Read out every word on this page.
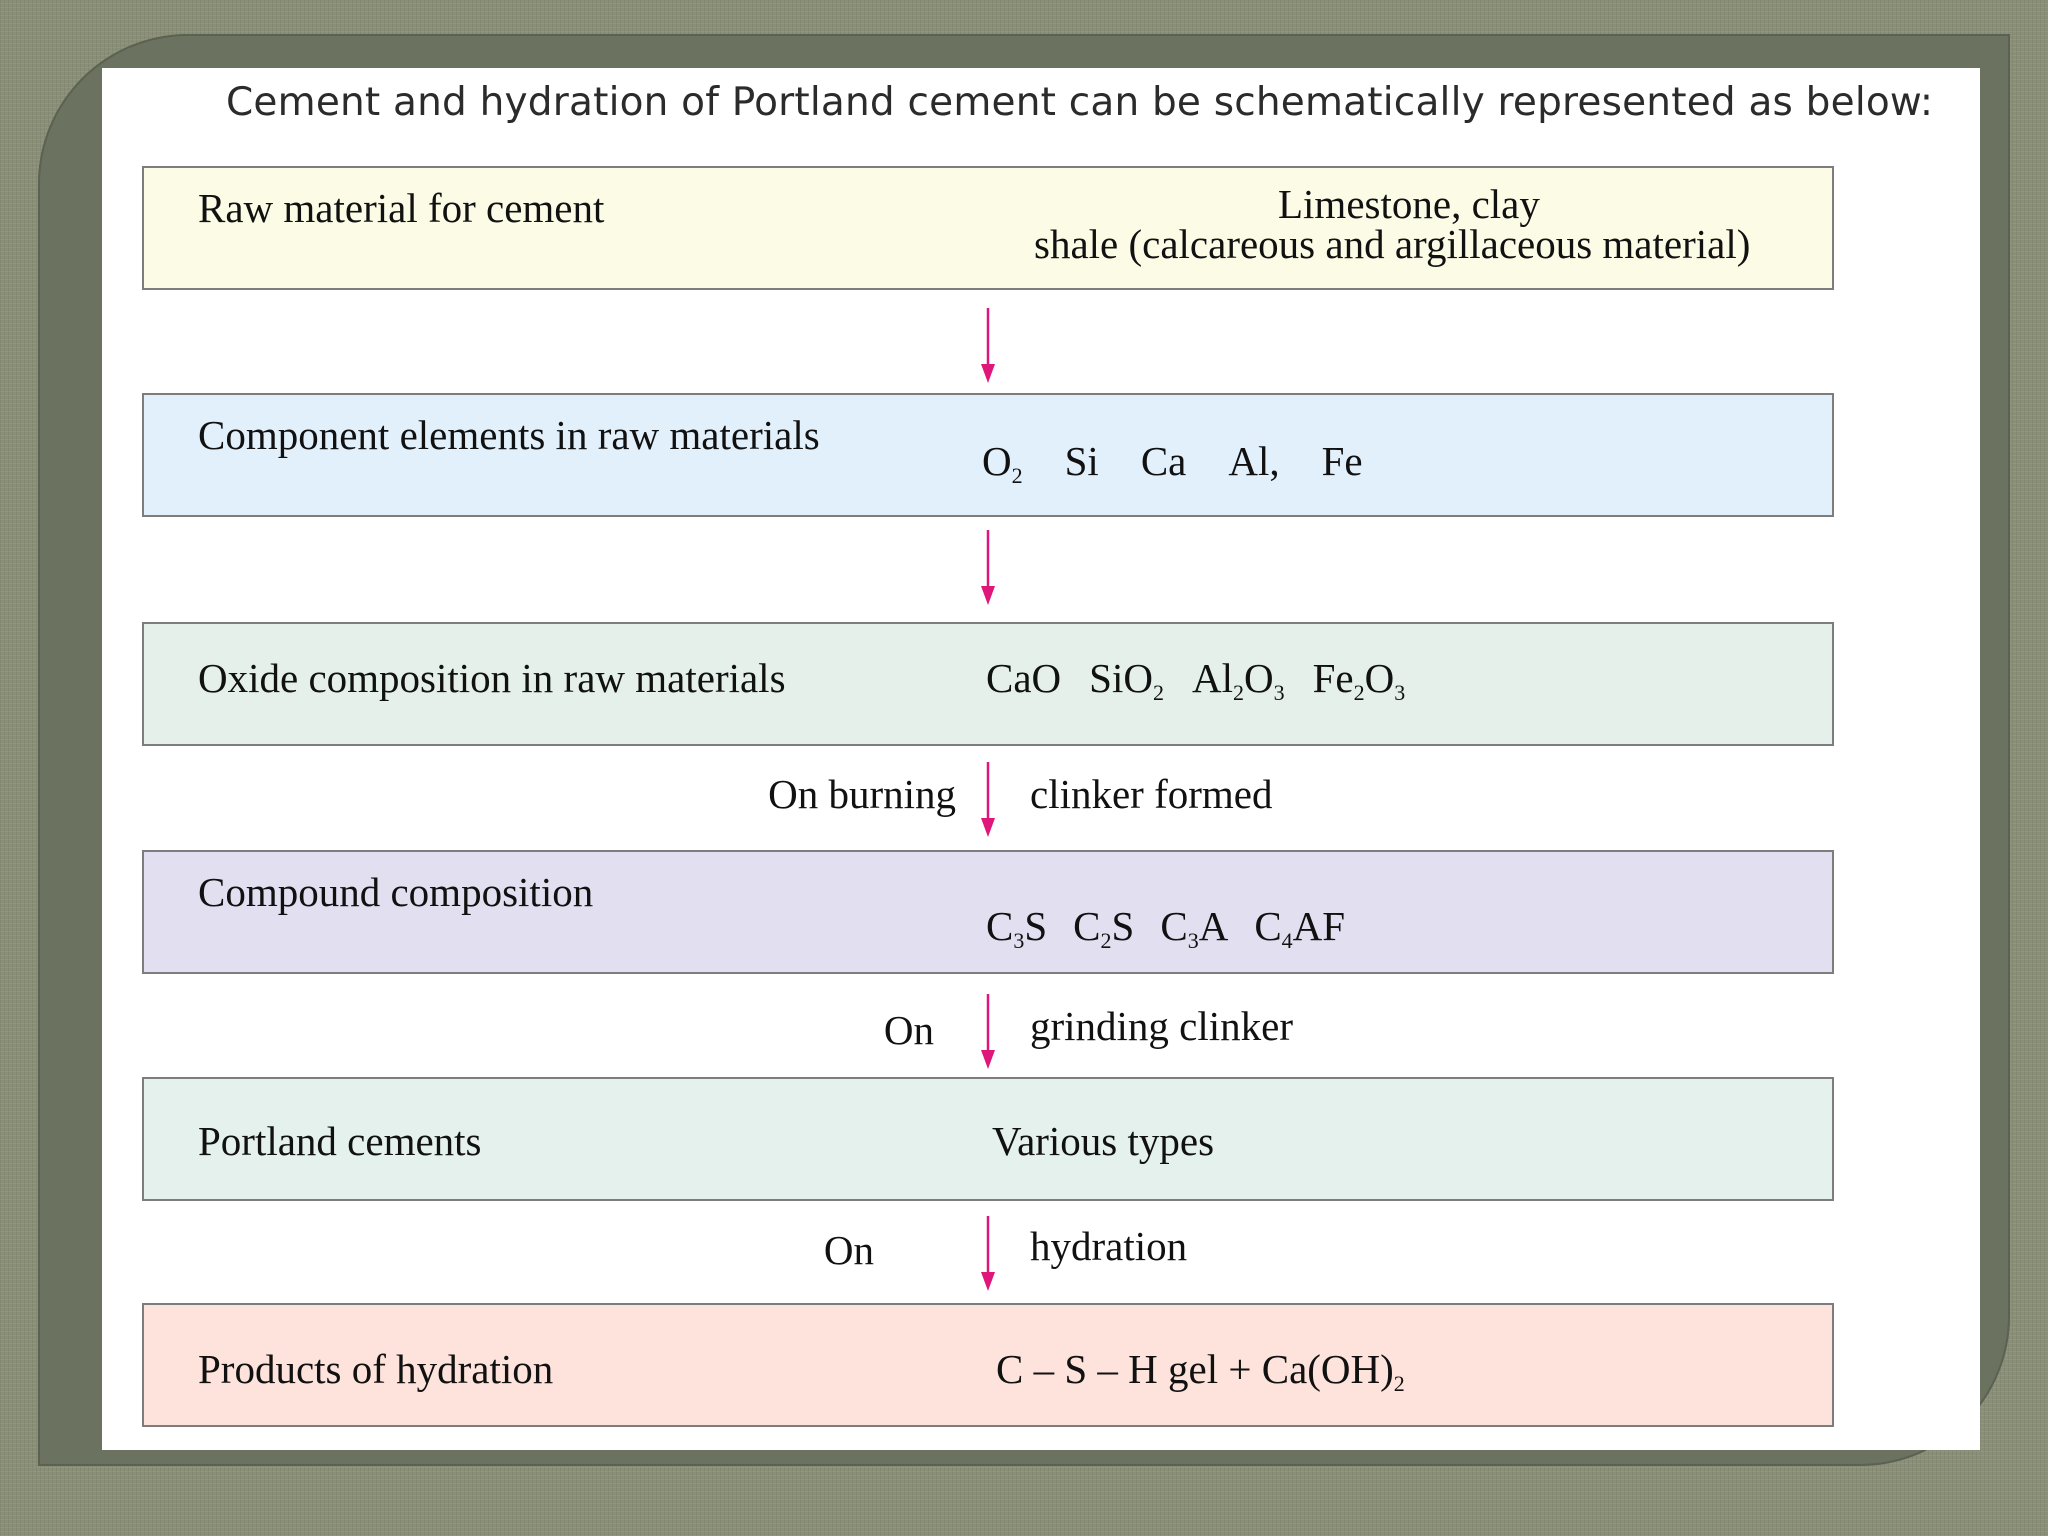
Cement and hydration of Portland cement can be schematically represented as below:
Raw material for cement	Limestone, clay
shale (calcareous and argillaceous material)
Component elements in raw materials
O2 Si Ca Al, Fe
Oxide composition in raw materials	CaO SiO2 Al2O3 Fe2O3
On burning clinker formed
Compound composition
C3S C2S C3A C4AF
On grinding clinker
Portland cements	Various types
On	hydration
Products of hydration	C – S – H gel + $Ca(OH)_2$
